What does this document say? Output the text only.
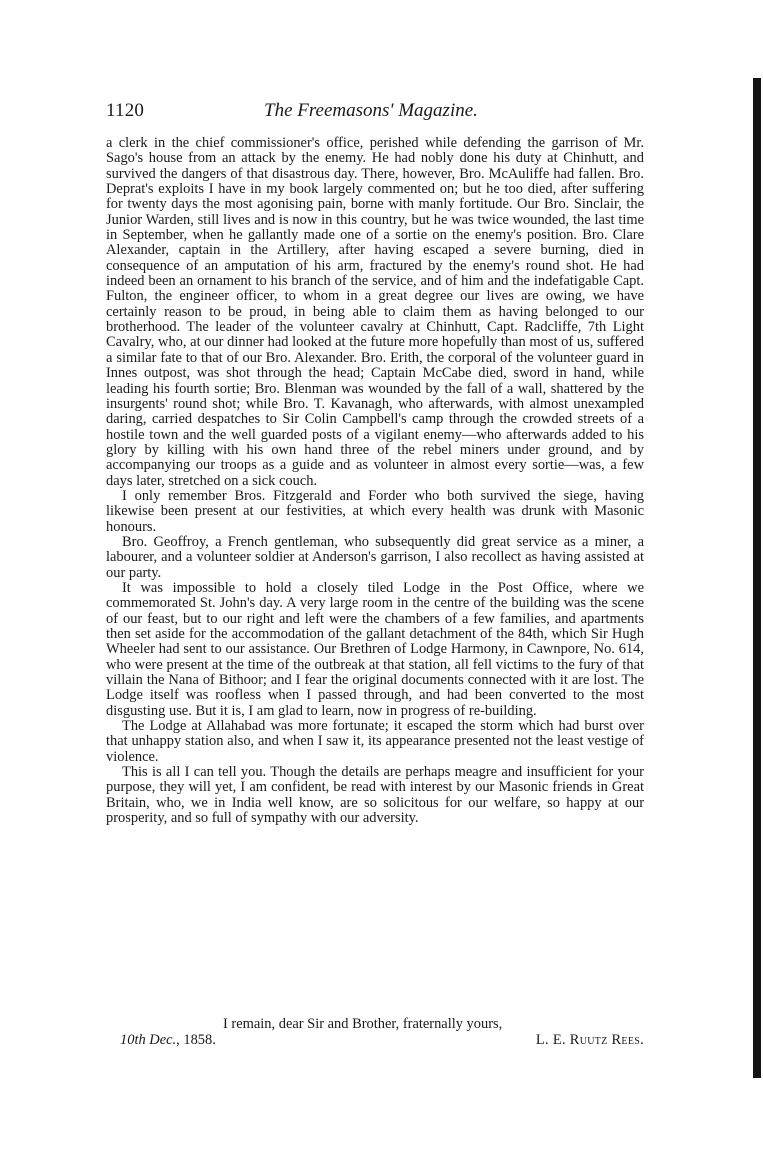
1120	The Freemasons' Magazine.

a clerk in the chief commissioner's office, perished while defending the garrison of Mr. Sago's house from an attack by the enemy. He had nobly done his duty at Chinhutt, and survived the dangers of that disastrous day. There, however, Bro. McAuliffe had fallen. Bro. Deprat's exploits I have in my book largely commented on; but he too died, after suffering for twenty days the most agonising pain, borne with manly fortitude. Our Bro. Sinclair, the Junior Warden, still lives and is now in this country, but he was twice wounded, the last time in September, when he gallantly made one of a sortie on the enemy's position. Bro. Clare Alexander, captain in the Artillery, after having escaped a severe burning, died in consequence of an amputation of his arm, fractured by the enemy's round shot. He had indeed been an ornament to his branch of the service, and of him and the indefatigable Capt. Fulton, the engineer officer, to whom in a great degree our lives are owing, we have certainly reason to be proud, in being able to claim them as having belonged to our brotherhood. The leader of the volunteer cavalry at Chinhutt, Capt. Radcliffe, 7th Light Cavalry, who, at our dinner had looked at the future more hopefully than most of us, suffered a similar fate to that of our Bro. Alexander. Bro. Erith, the corporal of the volunteer guard in Innes outpost, was shot through the head; Captain McCabe died, sword in hand, while leading his fourth sortie; Bro. Blenman was wounded by the fall of a wall, shattered by the insurgents' round shot; while Bro. T. Kavanagh, who afterwards, with almost unexampled daring, carried despatches to Sir Colin Campbell's camp through the crowded streets of a hostile town and the well guarded posts of a vigilant enemy—who afterwards added to his glory by killing with his own hand three of the rebel miners under ground, and by accompanying our troops as a guide and as volunteer in almost every sortie—was, a few days later, stretched on a sick couch.

I only remember Bros. Fitzgerald and Forder who both survived the siege, having likewise been present at our festivities, at which every health was drunk with Masonic honours.

Bro. Geoffroy, a French gentleman, who subsequently did great service as a miner, a labourer, and a volunteer soldier at Anderson's garrison, I also recollect as having assisted at our party.

It was impossible to hold a closely tiled Lodge in the Post Office, where we commemorated St. John's day. A very large room in the centre of the building was the scene of our feast, but to our right and left were the chambers of a few families, and apartments then set aside for the accommodation of the gallant detachment of the 84th, which Sir Hugh Wheeler had sent to our assistance. Our Brethren of Lodge Harmony, in Cawnpore, No. 614, who were present at the time of the outbreak at that station, all fell victims to the fury of that villain the Nana of Bithoor; and I fear the original documents connected with it are lost. The Lodge itself was roofless when I passed through, and had been converted to the most disgusting use. But it is, I am glad to learn, now in progress of re-building.

The Lodge at Allahabad was more fortunate; it escaped the storm which had burst over that unhappy station also, and when I saw it, its appearance presented not the least vestige of violence.

This is all I can tell you. Though the details are perhaps meagre and insufficient for your purpose, they will yet, I am confident, be read with interest by our Masonic friends in Great Britain, who, we in India well know, are so solicitous for our welfare, so happy at our prosperity, and so full of sympathy with our adversity.

I remain, dear Sir and Brother, fraternally yours,
10th Dec., 1858.	L. E. Ruutz Rees.
